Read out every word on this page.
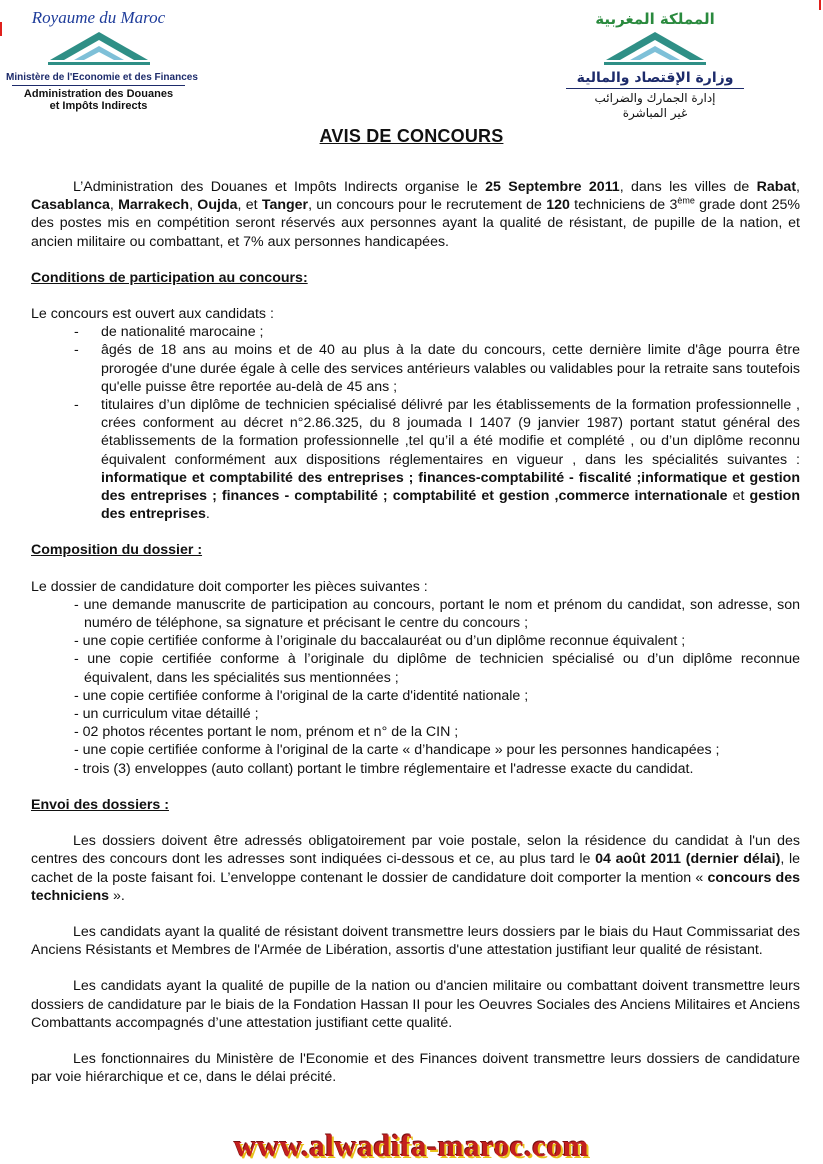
Royaume du Maroc
Ministère de l'Economie et des Finances
Administration des Douanes
et Impôts Indirects
المملكة المغربية
وزارة الإقتصاد والمالية
إدارة الجمارك والضرائب
غير المباشرة
AVIS DE CONCOURS

L’Administration des Douanes et Impôts Indirects organise le 25 Septembre 2011, dans les villes de Rabat, Casablanca, Marrakech, Oujda, et Tanger, un concours pour le recrutement de 120 techniciens de 3ème grade dont 25% des postes mis en compétition seront réservés aux personnes ayant la qualité de résistant, de pupille de la nation, et ancien militaire ou combattant, et 7% aux personnes handicapées.

Conditions de participation au concours:

Le concours est ouvert aux candidats :

-	de nationalité marocaine ;
-	âgés de 18 ans au moins et de 40 au plus à la date du concours, cette dernière limite d'âge pourra être prorogée d'une durée égale à celle des services antérieurs valables ou validables pour la retraite sans toutefois qu'elle puisse être reportée au-delà de 45 ans ;
-	titulaires d’un diplôme de technicien spécialisé délivré par les établissements de la formation professionnelle , crées conforment au décret n°2.86.325, du 8 joumada I 1407 (9 janvier 1987) portant statut général des établissements de la formation professionnelle ,tel qu’il a été modifie et complété , ou d’un diplôme reconnu équivalent conformément aux dispositions réglementaires en vigueur , dans les spécialités suivantes : informatique et comptabilité des entreprises ; finances-comptabilité - fiscalité ;informatique et gestion des entreprises ; finances - comptabilité ; comptabilité et gestion ,commerce internationale et gestion des entreprises.

Composition du dossier :

Le dossier de candidature doit comporter les pièces suivantes :

- une demande manuscrite de participation au concours, portant le nom et prénom du candidat, son adresse, son numéro de téléphone, sa signature et précisant le centre du concours ;
- une copie certifiée conforme à l’originale du baccalauréat ou d’un diplôme reconnue équivalent ;
- une copie certifiée conforme à l’originale du diplôme de technicien spécialisé ou d’un diplôme reconnue équivalent, dans les spécialités sus mentionnées ;
- une copie certifiée conforme à l'original de la carte d'identité nationale ;
- un curriculum vitae détaillé ;
- 02 photos récentes portant le nom, prénom et n° de la CIN ;
- une copie certifiée conforme à l'original de la carte « d’handicape » pour les personnes handicapées ;
- trois (3) enveloppes (auto collant) portant le timbre réglementaire et l'adresse exacte du candidat.

Envoi des dossiers :

Les dossiers doivent être adressés obligatoirement par voie postale, selon la résidence du candidat à l'un des centres des concours dont les adresses sont indiquées ci-dessous et ce, au plus tard le 04 août 2011 (dernier délai), le cachet de la poste faisant foi. L’enveloppe contenant le dossier de candidature doit comporter la mention « concours des techniciens ».

Les candidats ayant la qualité de résistant doivent transmettre leurs dossiers par le biais du Haut Commissariat des Anciens Résistants et Membres de l'Armée de Libération, assortis d'une attestation justifiant leur qualité de résistant.

Les candidats ayant la qualité de pupille de la nation ou d'ancien militaire ou combattant doivent transmettre leurs dossiers de candidature par le biais de la Fondation Hassan II pour les Oeuvres Sociales des Anciens Militaires et Anciens Combattants accompagnés d’une attestation justifiant cette qualité.

Les fonctionnaires du Ministère de l'Economie et des Finances doivent transmettre leurs dossiers de candidature par voie hiérarchique et ce, dans le délai précité.

www.alwadifa-maroc.com
